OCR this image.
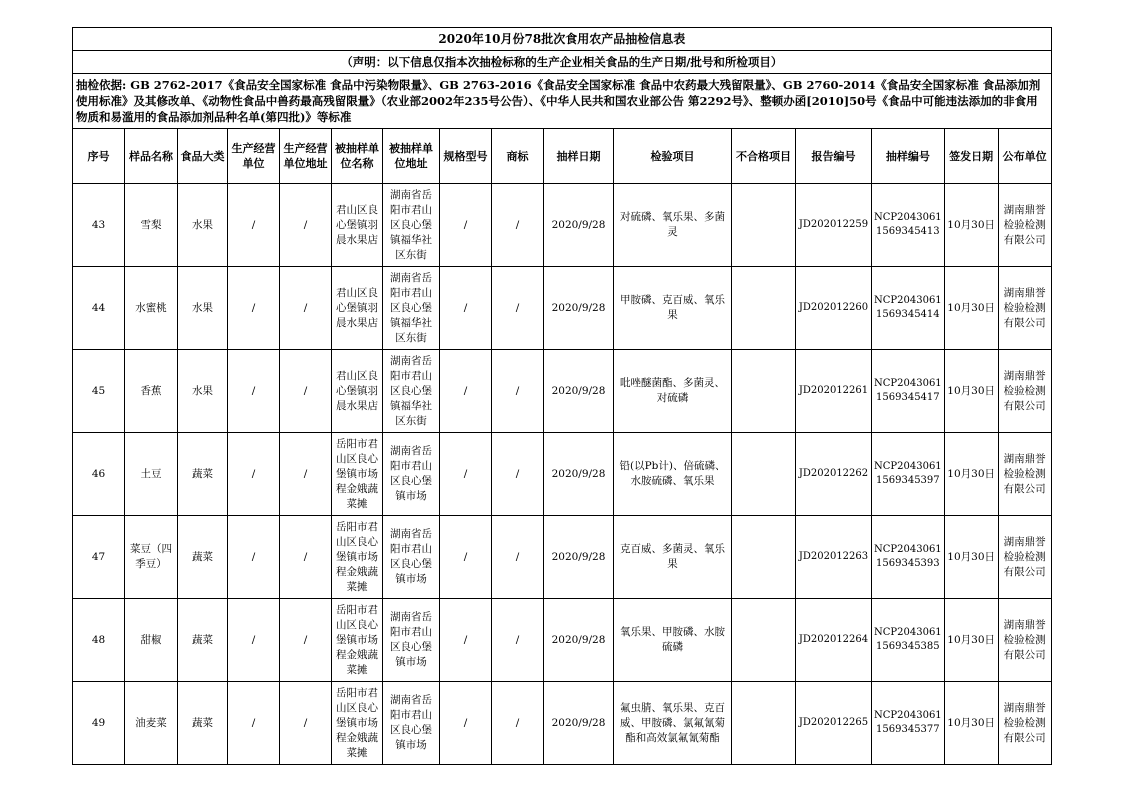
2020年10月份78批次食用农产品抽检信息表															
（声明：以下信息仅指本次抽检标称的生产企业相关食品的生产日期/批号和所检项目）															
抽检依据: GB 2762-2017《食品安全国家标准 食品中污染物限量》、GB 2763-2016《食品安全国家标准 食品中农药最大残留限量》、GB 2760-2014《食品安全国家标准 食品添加剂使用标准》及其修改单、《动物性食品中兽药最高残留限量》（农业部2002年235号公告）、《中华人民共和国农业部公告 第2292号》、整顿办函[2010]50号《食品中可能违法添加的非食用物质和易滥用的食品添加剂品种名单(第四批)》等标准															
序号	样品名称	食品大类	生产经营单位	生产经营单位地址	被抽样单位名称	被抽样单位地址	规格型号	商标	抽样日期	检验项目	不合格项目	报告编号	抽样编号	签发日期	公布单位
43	雪梨	水果	/	/	君山区良心堡镇羽晨水果店	湖南省岳阳市君山区良心堡镇福华社区东街	/	/	2020/9/28	对硫磷、氧乐果、多菌灵		JD202012259	NCP2043061 1569345413	10月30日	湖南鼎誉检验检测有限公司
44	水蜜桃	水果	/	/	君山区良心堡镇羽晨水果店	湖南省岳阳市君山区良心堡镇福华社区东街	/	/	2020/9/28	甲胺磷、克百威、氧乐果		JD202012260	NCP2043061 1569345414	10月30日	湖南鼎誉检验检测有限公司
45	香蕉	水果	/	/	君山区良心堡镇羽晨水果店	湖南省岳阳市君山区良心堡镇福华社区东街	/	/	2020/9/28	吡唑醚菌酯、多菌灵、对硫磷		JD202012261	NCP2043061 1569345417	10月30日	湖南鼎誉检验检测有限公司
46	土豆	蔬菜	/	/	岳阳市君山区良心堡镇市场程金娥蔬菜摊	湖南省岳阳市君山区良心堡镇市场	/	/	2020/9/28	铅(以Pb计)、倍硫磷、水胺硫磷、氧乐果		JD202012262	NCP2043061 1569345397	10月30日	湖南鼎誉检验检测有限公司
47	菜豆（四季豆）	蔬菜	/	/	岳阳市君山区良心堡镇市场程金娥蔬菜摊	湖南省岳阳市君山区良心堡镇市场	/	/	2020/9/28	克百威、多菌灵、氧乐果		JD202012263	NCP2043061 1569345393	10月30日	湖南鼎誉检验检测有限公司
48	甜椒	蔬菜	/	/	岳阳市君山区良心堡镇市场程金娥蔬菜摊	湖南省岳阳市君山区良心堡镇市场	/	/	2020/9/28	氧乐果、甲胺磷、水胺硫磷		JD202012264	NCP2043061 1569345385	10月30日	湖南鼎誉检验检测有限公司
49	油麦菜	蔬菜	/	/	岳阳市君山区良心堡镇市场程金娥蔬菜摊	湖南省岳阳市君山区良心堡镇市场	/	/	2020/9/28	氟虫腈、氧乐果、克百威、甲胺磷、氯氟氰菊酯和高效氯氟氰菊酯		JD202012265	NCP2043061 1569345377	10月30日	湖南鼎誉检验检测有限公司
